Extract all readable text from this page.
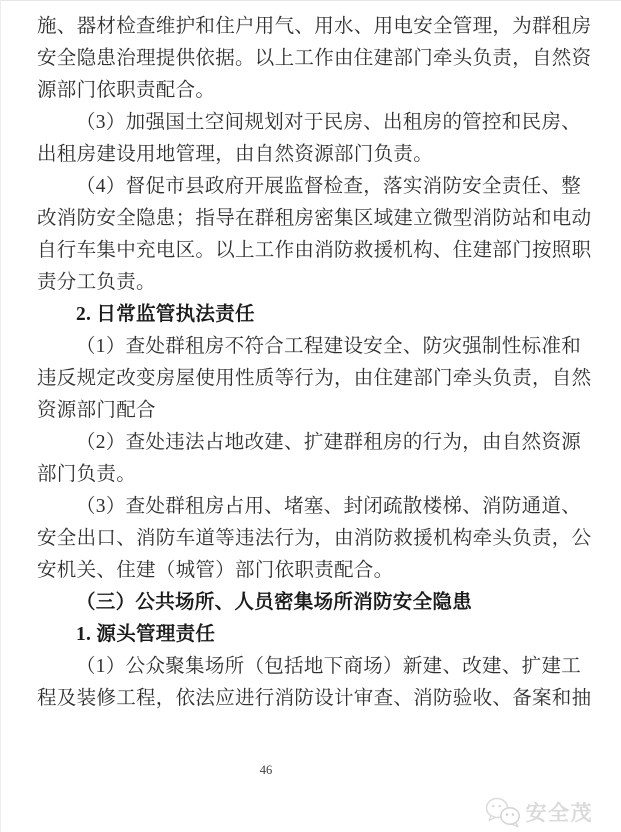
施、器材检查维护和住户用气、用水、用电安全管理，为群租房
安全隐患治理提供依据。以上工作由住建部门牵头负责，自然资
源部门依职责配合。
（3）加强国土空间规划对于民房、出租房的管控和民房、
出租房建设用地管理，由自然资源部门负责。
（4）督促市县政府开展监督检查，落实消防安全责任、整
改消防安全隐患；指导在群租房密集区域建立微型消防站和电动
自行车集中充电区。以上工作由消防救援机构、住建部门按照职
责分工负责。
2. 日常监管执法责任
（1）查处群租房不符合工程建设安全、防灾强制性标准和
违反规定改变房屋使用性质等行为，由住建部门牵头负责，自然
资源部门配合
（2）查处违法占地改建、扩建群租房的行为，由自然资源
部门负责。
（3）查处群租房占用、堵塞、封闭疏散楼梯、消防通道、
安全出口、消防车道等违法行为，由消防救援机构牵头负责，公
安机关、住建（城管）部门依职责配合。
（三）公共场所、人员密集场所消防安全隐患
1. 源头管理责任
（1）公众聚集场所（包括地下商场）新建、改建、扩建工
程及装修工程，依法应进行消防设计审查、消防验收、备案和抽
46
安全茂
